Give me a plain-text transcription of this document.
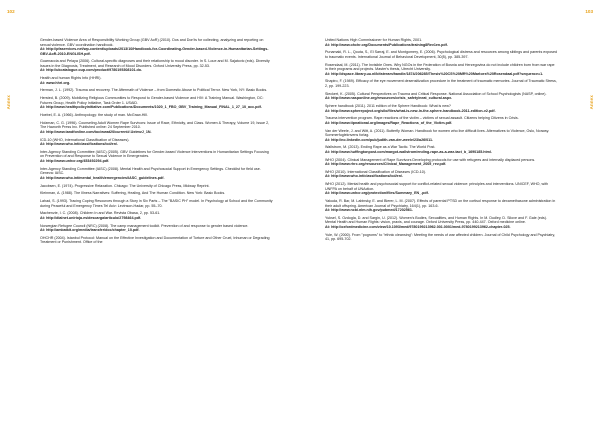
102	103
Annex	Annex
Gender-based Violence Area of Responsibility Working Group (GBV AoR) (2010). Dos and Don'ts for collecting, analyzing and reporting on sexual violence. GBV coordination handbook.
At: http://pfaservices.net/wp-content/uploads/2013/10/Handbook-for-Coordinating-Gender-based-Violence-in-Humanitarian-Settings-GBV-AoR-2010-ENGLISH.pdf.
Guarnaccia and Pelaya (2006). Cultural-specific diagnoses and their relationship to mood disorder. In S. Loue and M. Sajatovic (eds). Diversity Issues in the Diagnosis, Treatment, and Research of Mood Disorders. Oxford University Press, pp. 32-53.
At: http://ukcatalogue.oup.com/product/9780195308101.do.
Health and human Rights Info (HHRI).
At: www.hhri.org.
Herman, J. L. (1992). Trauma and recovery. The Aftermath of Violence – from Domestic Abuse to Political Terror. New York, NY: Basic Books.
Hersted, B. (2009). Mobilizing Religious Communities to Respond to Gender-based Violence and HIV: A Training Manual. Washington, DC: Futures Group, Health Policy Initiative, Task Order 1. USAID.
At: http://www.healthpolicyinitiative.com/Publications/Documents/1020_1_FBO_GBV_Training_Manual_FINAL_1_27_10_acc.pdf.
Hoebel, E. A. (1966). Anthropology: the study of man. McGraw-Hill.
Holzman, C. G. (1996). Counseling Adult Women Rape Survivors: Issue of Race, Ethnicity, and Class. Women & Therapy, Volume 19, Issue 2, The Haworth Press Inc. Published online: 24 September 2010.
At: http://www.tandfonline.com/toc/wwat20/current#.UxtmvJ_1N.
ICD-10 (WHO, International Classification of Diseases).
At: http://www.who.int/classifications/icd/en/.
Inter-Agency Standing Committee (IASC) (2005). GBV Guidelines for Gender-based Violence Interventions in Humanitarian Settings Focusing on Prevention of and Response to Sexual Violence in Emergencies.
At: http://www.unhcr.org/453492294.pdf.
Inter-Agency Standing Committee (IASC) (2008). Mental Health and Psychosocial Support in Emergency Settings. Checklist for field use. Geneva: IASC.
At: http://www.who.int/mental_health/emergencies/IASC_guidelines.pdf.
Jacobsen, E. (1974). Progressive Relaxation. Chicago: The University of Chicago Press, Midway Reprint.
Kleinman, A. (1988). The Illness Narratives: Suffering, Healing, And The Human Condition. New York: Basic Books.
Lahad, S. (1993). Tracing Coping Resources through a Story in Six Parts – The "BASIC PH" model. In Psychology at School and the Community during Peaceful and Emergency Times Tel Aviv: Levinson-Hadar, pp. 55–70.
Machenzie, I. C. (2008). Children In and War. Revista Obasa, 2, pp. 53-61.
At: http://dialnet.unirioja.es/descarga/articulo/2798464.pdf.
Norwegian Refugee Council (NRC) (2008). The camp management toolkit. Prevention of and response to gender based violence.
At: http://ambatkit.org/media/transfer/doc/chapter_10.pdf.
OHCHR (2004). Istanbul Protocol: Manual on the Effective Investigation and Documentation of Torture and Other Cruel, Inhuman or Degrading Treatment or Punishment. Office of the
United Nations High Commissioner for Human Rights, 2001.
At: http://www.ohchr.org/Documents/Publications/training8Rev1en.pdf.
Punamaki, R. L., Qouta, S., El Sarraj, E. and Montgomery, E. (2006). Psychological distress and resources among siblings and parents exposed to traumatic events. International Journal of Behavioral Development, 30(5), pp. 385-397.
Rosendaal, M. (2011). The Invisible Ones. Why NGOs in the Federation of Bosnia and Herzegovina do not include children born from war rape in their programs and projects. Master's thesis, Utrecht University.
At: http://dspace.library.uu.nl/bitstream/handle/1874/206285/Thesis%20CS%20MR%20Marloes%20Rosendaal.pdf?sequence=1.
Shapiro, F. (1989). Efficacy of the eye movement desensitization procedure in the treatment of traumatic memories. Journal of Traumatic Stress, 2, pp. 199-223.
Sieckert, K. (2005). Cultural Perspectives on Trauma and Critical Response. National Association of School Psychologists (NASP, online).
At: http://www.nasponline.org/resources/crisis_safety/neat_cultural.aspx.
Sphere handbook (2011). 2011 edition of the Sphere Handbook: What is new?
At: http://www.spherepoject.org/silo/files/what-is-new-in-the-sphere-handbook-2011-edition-v2.pdf.
Trauma intervention program. Rape reactions of the victim – victims of sexual assault. Citizens helping Citizens in Crisis.
At: http://www.tipnational.org/images/Rape_Reactions_of_the_Victim.pdf.
Van der Weele, J. and Witt, A. (2011). Butterfly Woman. Handbook for women who live difficult lives. Alternatives to Violence, Oslo, Norway. Sommerfugleknvens forlag.
At: http://no.linkedin.com/pub/judith-van-der-weele/23/a26/011.
Wallstrom, M. (2013). Ending Rape as a War Tactic. The World Post.
At: http://www.huffingtonpost.com/margot-wallstrom/ending-rape-as-a-war-tact_b_1690185.html.
WHO (2004). Clinical Management of Rape Survivors Developing protocols for use with refugees and internally displaced persons.
At: http://www.rhrc.org/resources/Clinical_Management_2005_rev.pdf.
WHO (2010). International Classification of Diseases (ICD-10).
At: http://www.who.int/classifications/icd/en/.
WHO (2012). Mental health and psychosocial support for conflict-related sexual violence: principles and interventions. UNICEF, WHO, with UNFPA on behalf of UNAction.
At: http://www.unhcr.org/protection/files/Summary_EN_.pdf.
Yakuda, R. Bar, M. Labinsky, E. and Bierer, L. M. (2007). Effects of parental PTSD on the cortisol response to dexamethasone administration in their adult offspring. American Journal of Psychiatry, 164(1), pp. 163-6.
At: http://www.ncbi.nlm.nih.gov/pubmed/17202561.
Yuksel, S. Ozdogla, D. and Sargin, U. (2012). Women's Bodies, Sexualities, and Human Rights. In M. Dudley, D. Silove and F. Gale (eds). Mental Health and Human Rights: vision, praxis, and courage. Oxford University Press, pp. 440-447. Oxford medicine online.
At: http://oxfordmedicine.com/view/10.1093/med/9780199213962.001.0001/med-9780199213962-chapter-025.
Yule, W. (2000). From "pogroms" to "ethnic cleansing": Meeting the needs of war affected children. Journal of Child Psychology and Psychiatry, 41, pp. 695-702.
